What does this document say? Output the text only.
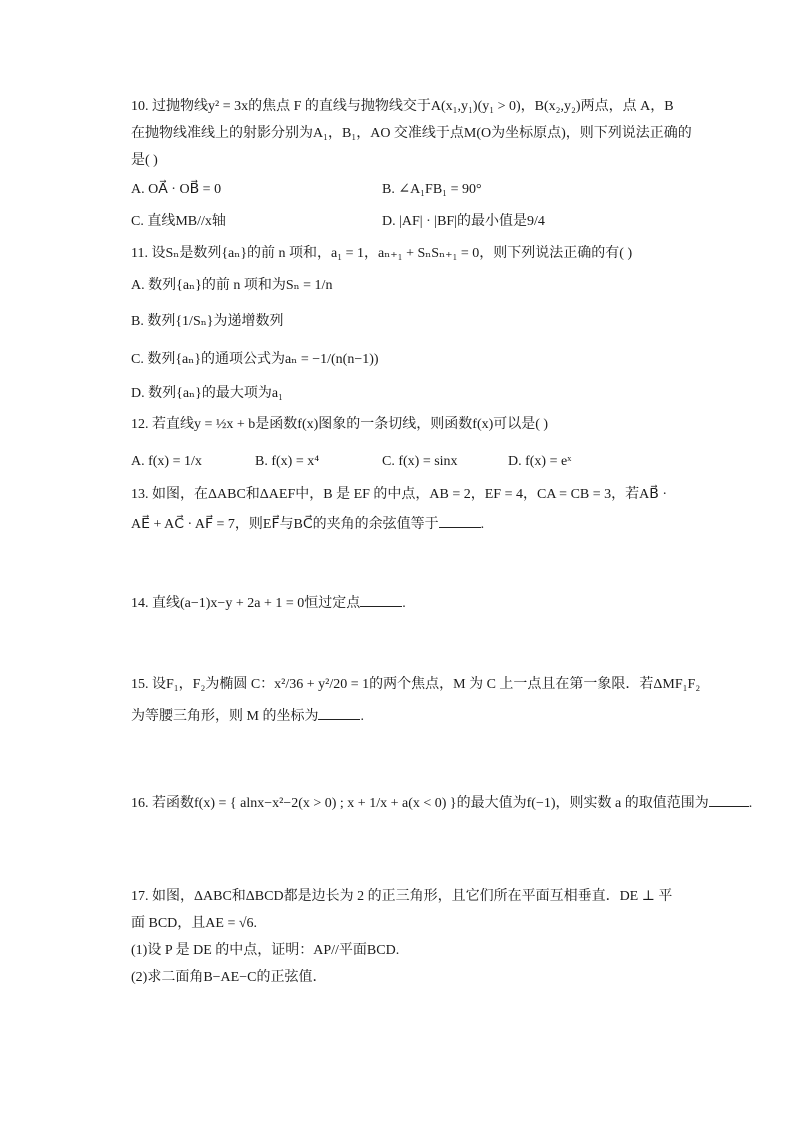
10. 过抛物线y² = 3x的焦点 F 的直线与抛物线交于A(x₁,y₁)(y₁ > 0)，B(x₂,y₂)两点，点 A，B
在抛物线准线上的射影分别为A₁，B₁，AO 交准线于点M(O为坐标原点)，则下列说法正确的
是( )
A. OA⃗ · OB⃗ = 0	B. ∠A₁FB₁ = 90°
C. 直线MB//x轴	D. |AF| · |BF|的最小值是9/4
11. 设Sₙ是数列{aₙ}的前 n 项和，a₁ = 1，aₙ₊₁ + SₙSₙ₊₁ = 0，则下列说法正确的有( )
A. 数列{aₙ}的前 n 项和为Sₙ = 1/n
B. 数列{1/Sₙ}为递增数列
C. 数列{aₙ}的通项公式为aₙ = −1/(n(n−1))
D. 数列{aₙ}的最大项为a₁
12. 若直线y = ½x + b是函数f(x)图象的一条切线，则函数f(x)可以是( )
A. f(x) = 1/x	B. f(x) = x⁴	C. f(x) = sinx	D. f(x) = eˣ
13. 如图，在ΔABC和ΔAEF中，B 是 EF 的中点，AB = 2，EF = 4，CA = CB = 3，若AB⃗ ·
AE⃗ + AC⃗ · AF⃗ = 7，则EF⃗与BC⃗的夹角的余弦值等于	.
14. 直线(a−1)x−y + 2a + 1 = 0恒过定点	.
15. 设F₁，F₂为椭圆 C：x²/36 + y²/20 = 1的两个焦点，M 为 C 上一点且在第一象限．若ΔMF₁F₂
为等腰三角形，则 M 的坐标为	.
16. 若函数f(x) = { alnx−x²−2(x > 0) ; x + 1/x + a(x < 0) }的最大值为f(−1)，则实数 a 的取值范围为	.
17. 如图，ΔABC和ΔBCD都是边长为 2 的正三角形，且它们所在平面互相垂直．DE ⊥ 平
面 BCD，且AE = √6.
(1)设 P 是 DE 的中点，证明：AP//平面BCD.
(2)求二面角B−AE−C的正弦值．
